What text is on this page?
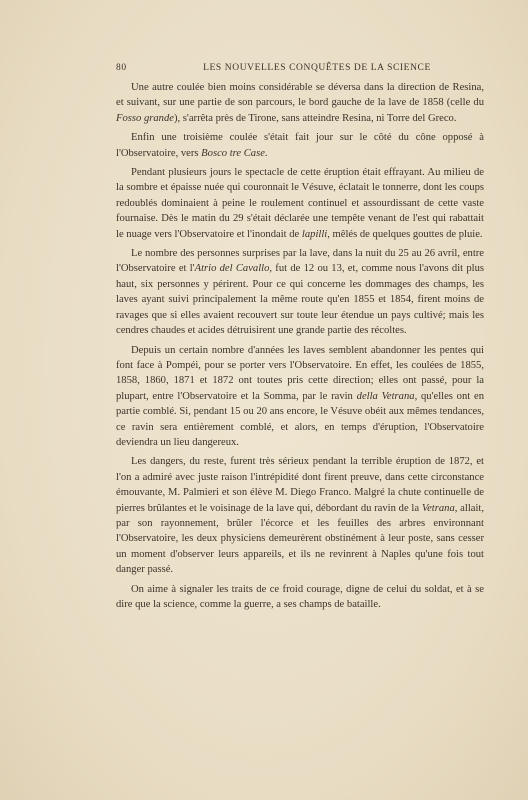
80	LES NOUVELLES CONQUÊTES DE LA SCIENCE

Une autre coulée bien moins considérable se déversa dans la direction de Resina, et suivant, sur une partie de son parcours, le bord gauche de la lave de 1858 (celle du Fosso grande), s'arrêta près de Tirone, sans atteindre Resina, ni Torre del Greco.

Enfin une troisième coulée s'était fait jour sur le côté du cône opposé à l'Observatoire, vers Bosco tre Case.

Pendant plusieurs jours le spectacle de cette éruption était effrayant. Au milieu de la sombre et épaisse nuée qui couronnait le Vésuve, éclatait le tonnerre, dont les coups redoublés dominaient à peine le roulement continuel et assourdissant de cette vaste fournaise. Dès le matin du 29 s'était déclarée une tempête venant de l'est qui rabattait le nuage vers l'Observatoire et l'inondait de lapilli, mêlés de quelques gouttes de pluie.

Le nombre des personnes surprises par la lave, dans la nuit du 25 au 26 avril, entre l'Observatoire et l'Atrio del Cavallo, fut de 12 ou 13, et, comme nous l'avons dit plus haut, six personnes y périrent. Pour ce qui concerne les dommages des champs, les laves ayant suivi principalement la même route qu'en 1855 et 1854, firent moins de ravages que si elles avaient recouvert sur toute leur étendue un pays cultivé; mais les cendres chaudes et acides détruisirent une grande partie des récoltes.

Depuis un certain nombre d'années les laves semblent abandonner les pentes qui font face à Pompéi, pour se porter vers l'Observatoire. En effet, les coulées de 1855, 1858, 1860, 1871 et 1872 ont toutes pris cette direction; elles ont passé, pour la plupart, entre l'Observatoire et la Somma, par le ravin della Vetrana, qu'elles ont en partie comblé. Si, pendant 15 ou 20 ans encore, le Vésuve obéit aux mêmes tendances, ce ravin sera entièrement comblé, et alors, en temps d'éruption, l'Observatoire deviendra un lieu dangereux.

Les dangers, du reste, furent très sérieux pendant la terrible éruption de 1872, et l'on a admiré avec juste raison l'intrépidité dont firent preuve, dans cette circonstance émouvante, M. Palmieri et son élève M. Diego Franco. Malgré la chute continuelle de pierres brûlantes et le voisinage de la lave qui, débordant du ravin de la Vetrana, allait, par son rayonnement, brûler l'écorce et les feuilles des arbres environnant l'Observatoire, les deux physiciens demeurèrent obstinément à leur poste, sans cesser un moment d'observer leurs appareils, et ils ne revinrent à Naples qu'une fois tout danger passé.

On aime à signaler les traits de ce froid courage, digne de celui du soldat, et à se dire que la science, comme la guerre, a ses champs de bataille.
